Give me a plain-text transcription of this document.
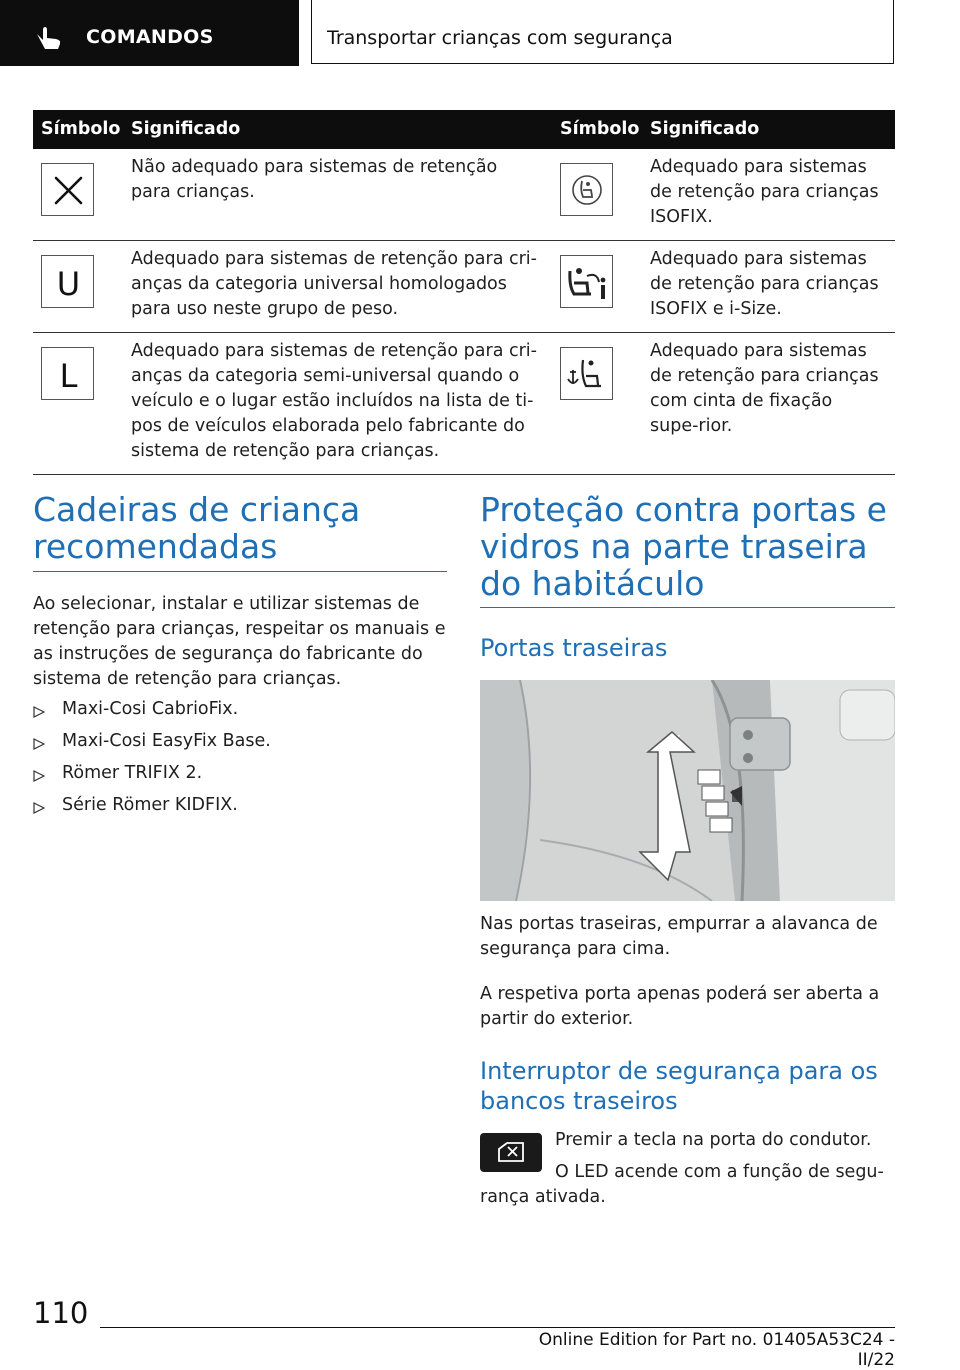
COMANDOS	Transportar crianças com segurança
Símbolo	Significado	Símbolo	Significado

	Não adequado para sistemas de retenção para crianças.		Adequado para sistemas de retenção para crianças ISOFIX.

U	Adequado para sistemas de retenção para cri-anças da categoria universal homologados para uso neste grupo de peso.		Adequado para sistemas de retenção para crianças ISOFIX e i-Size.

L	Adequado para sistemas de retenção para cri-anças da categoria semi-universal quando o veículo e o lugar estão incluídos na lista de ti-pos de veículos elaborada pelo fabricante do sistema de retenção para crianças.		Adequado para sistemas de retenção para crianças com cinta de fixação supe-rior.
Cadeiras de criança recomendadas
Ao selecionar, instalar e utilizar sistemas de retenção para crianças, respeitar os manuais e as instruções de segurança do fabricante do sistema de retenção para crianças.
Maxi-Cosi CabrioFix.
Maxi-Cosi EasyFix Base.
Römer TRIFIX 2.
Série Römer KIDFIX.
Proteção contra portas e vidros na parte traseira do habitáculo
Portas traseiras
Nas portas traseiras, empurrar a alavanca de segurança para cima.
A respetiva porta apenas poderá ser aberta a partir do exterior.
Interruptor de segurança para os bancos traseiros
Premir a tecla na porta do condutor.
O LED acende com a função de segu-rança ativada.
110
Online Edition for Part no. 01405A53C24 - II/22
